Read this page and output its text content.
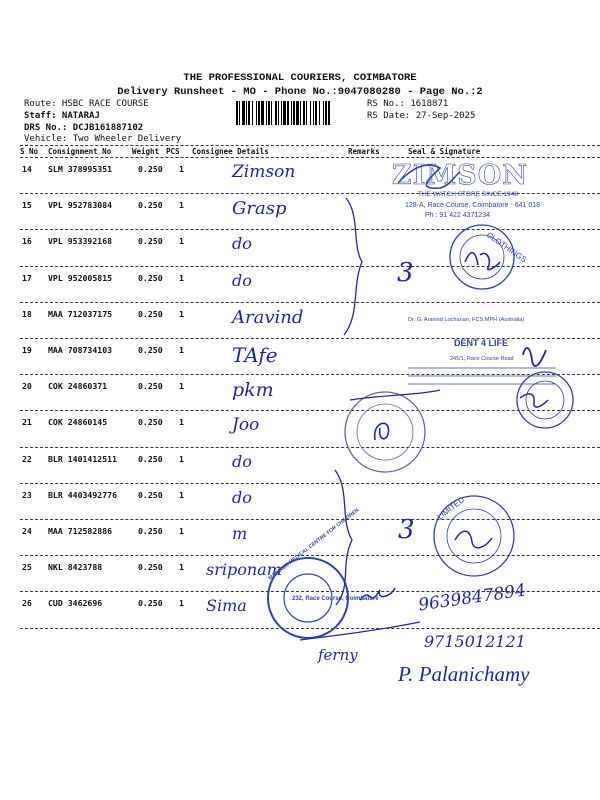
THE PROFESSIONAL COURIERS, COIMBATORE
Delivery Runsheet - MO - Phone No.:9047080280 - Page No.:2
Route: HSBC RACE COURSE
Staff: NATARAJ
DRS No.: DCJB161887102
Vehicle: Two Wheeler Delivery
RS No.: 1618871
RS Date: 27-Sep-2025
S No Consignment No	Weight PCS Consignee Details	Remarks	Seal & Signature
14 SLM 378995351	0.250 1	Zimson
15 VPL 952783084	0.250 1	Grasp
16 VPL 953392168	0.250 1	do
17 VPL 952005815	0.250 1	do
18 MAA 712037175	0.250 1	Aravind
19 MAA 708734103	0.250 1 TAfe
20 COK 24860371	0.250 1	pkm
21 COK 24860145	0.250 1	Joo
22 BLR 1401412511	0.250 1	do
23 BLR 4403492776	0.250 1	do
24 MAA 712582886	0.250 1	m
25 NKL 8423788	0.250 1 sriponam
26 CUD 3462696	0.250 1 Sima
ZIMSON
THE WATCH STORE SINCE 1948
128-A, Race Course, Coimbatore - 641 018
Ph : 91 422 4371234
CLOTHINGS
Dr. G. Aravind Lochanan, FCS,MPH (Australia)
DENT 4 LIFE
245/1, Race Course Road
LIMITED
MASONIC MEDICAL CENTRE FOR CHILDREN
232, Race Course, Coimbatore
3
3
ferny
9639847894
9715012121
P. Palanichamy
